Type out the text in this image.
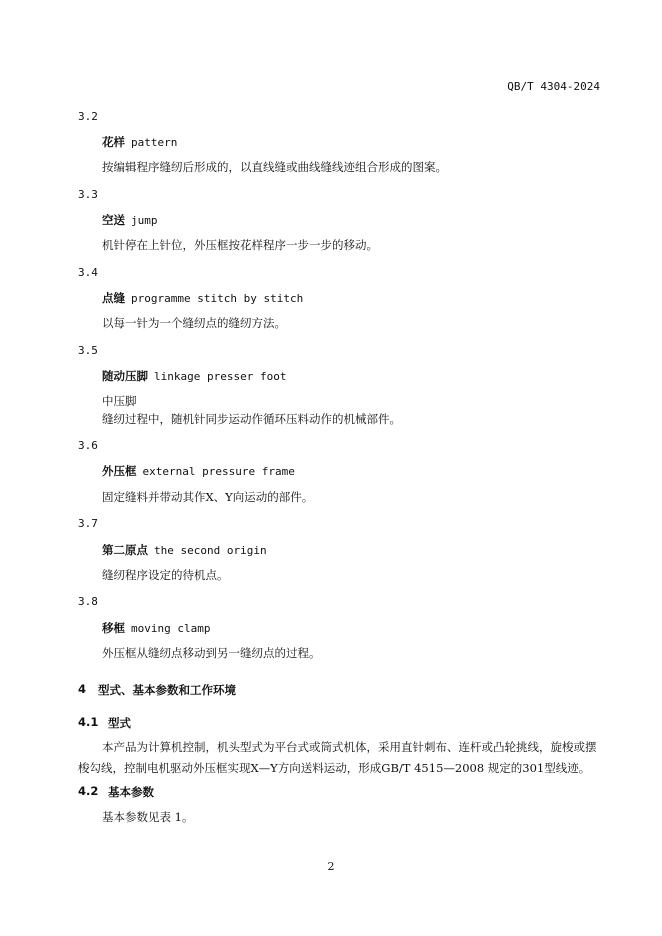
QB/T 4304-2024
3.2
花样 pattern
按编辑程序缝纫后形成的，以直线缝或曲线缝线迹组合形成的图案。
3.3
空送 jump
机针停在上针位，外压框按花样程序一步一步的移动。
3.4
点缝 programme stitch by stitch
以每一针为一个缝纫点的缝纫方法。
3.5
随动压脚 linkage presser foot
中压脚
缝纫过程中，随机针同步运动作循环压料动作的机械部件。
3.6
外压框 external pressure frame
固定缝料并带动其作X、Y向运动的部件。
3.7
第二原点 the second origin
缝纫程序设定的待机点。
3.8
移框 moving clamp
外压框从缝纫点移动到另一缝纫点的过程。
4 型式、基本参数和工作环境
4.1 型式
本产品为计算机控制，机头型式为平台式或筒式机体，采用直针刺布、连杆或凸轮挑线，旋梭或摆梭勾线，控制电机驱动外压框实现X—Y方向送料运动，形成GB/T 4515—2008 规定的301型线迹。
4.2 基本参数
基本参数见表 1。
2
